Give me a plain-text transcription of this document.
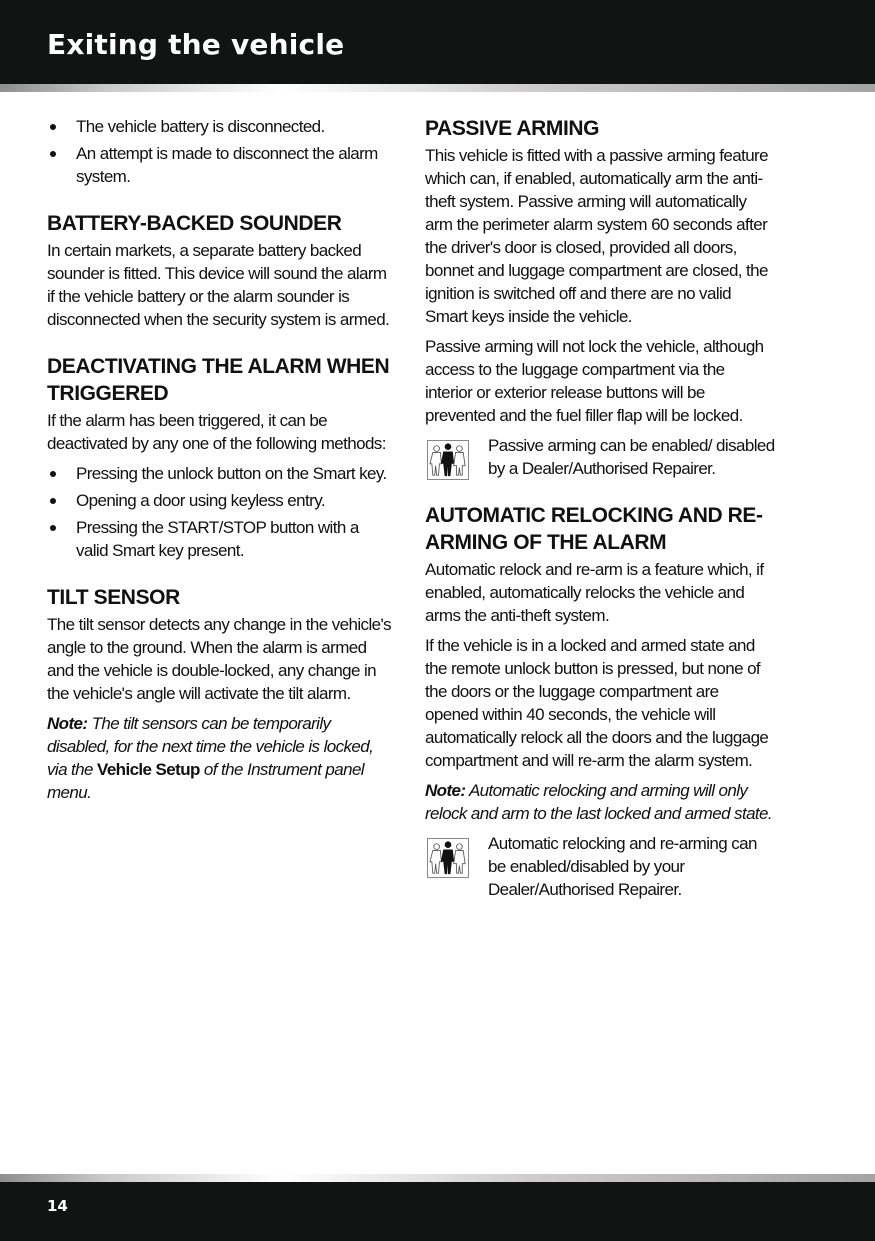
Exiting the vehicle
The vehicle battery is disconnected.
An attempt is made to disconnect the alarm system.
BATTERY-BACKED SOUNDER

In certain markets, a separate battery backed sounder is fitted. This device will sound the alarm if the vehicle battery or the alarm sounder is disconnected when the security system is armed.

DEACTIVATING THE ALARM WHEN TRIGGERED

If the alarm has been triggered, it can be deactivated by any one of the following methods:

Pressing the unlock button on the Smart key.
Opening a door using keyless entry.
Pressing the START/STOP button with a valid Smart key present.
TILT SENSOR

The tilt sensor detects any change in the vehicle's angle to the ground. When the alarm is armed and the vehicle is double-locked, any change in the vehicle's angle will activate the tilt alarm.

Note: The tilt sensors can be temporarily disabled, for the next time the vehicle is locked, via the Vehicle Setup of the Instrument panel menu.

PASSIVE ARMING

This vehicle is fitted with a passive arming feature which can, if enabled, automatically arm the anti-theft system. Passive arming will automatically arm the perimeter alarm system 60 seconds after the driver's door is closed, provided all doors, bonnet and luggage compartment are closed, the ignition is switched off and there are no valid Smart keys inside the vehicle.

Passive arming will not lock the vehicle, although access to the luggage compartment via the interior or exterior release buttons will be prevented and the fuel filler flap will be locked.

Passive arming can be enabled/ disabled by a Dealer/Authorised Repairer.
AUTOMATIC RELOCKING AND RE-ARMING OF THE ALARM

Automatic relock and re-arm is a feature which, if enabled, automatically relocks the vehicle and arms the anti-theft system.

If the vehicle is in a locked and armed state and the remote unlock button is pressed, but none of the doors or the luggage compartment are opened within 40 seconds, the vehicle will automatically relock all the doors and the luggage compartment and will re-arm the alarm system.

Note: Automatic relocking and arming will only relock and arm to the last locked and armed state.

Automatic relocking and re-arming can be enabled/disabled by your Dealer/Authorised Repairer.
14
